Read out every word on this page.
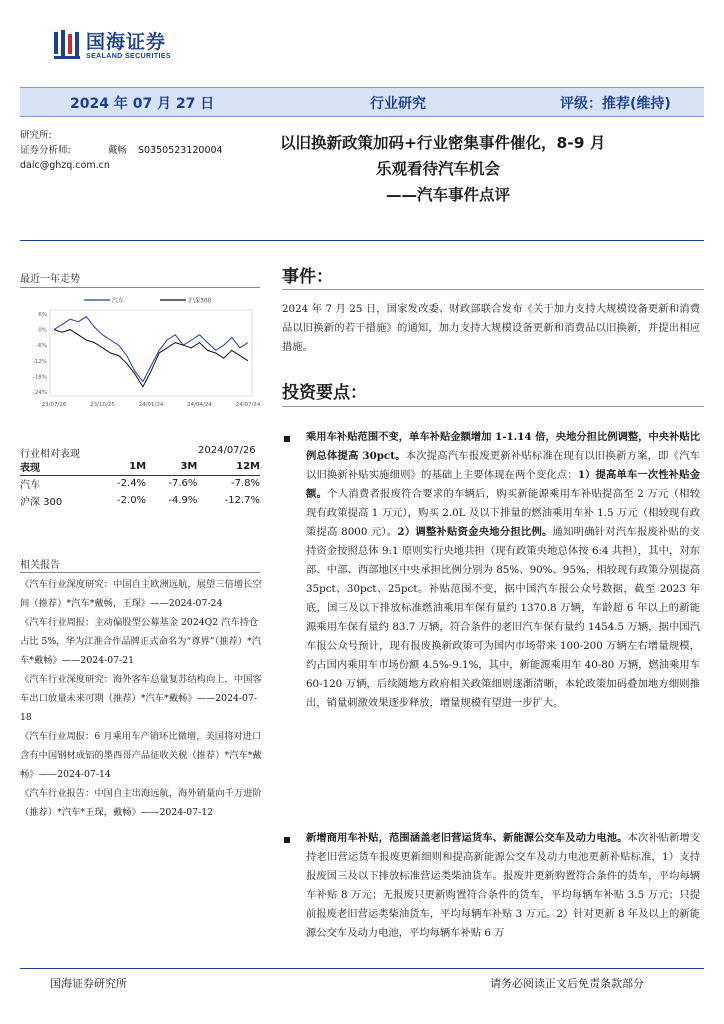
国海证券
SEALAND SECURITIES
2024 年 07 月 27 日	行业研究	评级：推荐(维持)
研究所:
证券分析师:	戴畅	S0350523120004
daic@ghzq.com.cn
以旧换新政策加码+行业密集事件催化，8-9 月
乐观看待汽车机会
——汽车事件点评
最近一年走势
汽车	沪深300
6%
0%
-6%
-12%
-18%
-24%
23/07/26	23/10/25	24/01/24	24/04/24	24/07/24
行业相对表现	2024/07/26
表现	1M	3M	12M
汽车	-2.4%	-7.6%	-7.8%
沪深 300	-2.0%	-4.9%	-12.7%
相关报告

《汽车行业深度研究：中国自主欧洲远航，展望三倍增长空间（推荐）*汽车*戴畅，王琛》——2024-07-24

《汽车行业周报：主动偏股型公募基金 2024Q2 汽车持仓占比 5%，华为江淮合作品牌正式命名为“尊界”（推荐）*汽车*戴畅》——2024-07-21

《汽车行业深度研究：海外客车总量复苏结构向上，中国客车出口放量未来可期（推荐）*汽车*戴畅》——2024-07-18

《汽车行业周报：6 月乘用车产销环比微增，美国将对进口含有中国钢材成铝的墨西哥产品征收关税（推荐）*汽车*戴畅》——2024-07-14

《汽车行业报告：中国自主出海远航，海外销量向千万进阶（推荐）*汽车*王琛，戴畅》——2024-07-12

事件：
2024 年 7 月 25 日，国家发改委、财政部联合发布《关于加力支持大规模设备更新和消费品以旧换新的若干措施》的通知，加力支持大规模设备更新和消费品以旧换新，并提出相应措施。
投资要点：
乘用车补贴范围不变，单车补贴金额增加 1-1.14 倍，央地分担比例调整，中央补贴比例总体提高 30pct。本次提高汽车报废更新补贴标准在现有以旧换新方案，即《汽车以旧换新补贴实施细则》的基础上主要体现在两个变化点：1）提高单车一次性补贴金额。个人消费者报废符合要求的车辆后，购买新能源乘用车补贴提高至 2 万元（相较现有政策提高 1 万元），购买 2.0L 及以下排量的燃油乘用车补 1.5 万元（相较现有政策提高 8000 元）。2）调整补贴资金央地分担比例。通知明确针对汽车报废补贴的支持资金按照总体 9:1 原则实行央地共担（现有政策央地总体按 6:4 共担），其中，对东部、中部、西部地区中央承担比例分别为 85%、90%、95%，相较现有政策分别提高 35pct、30pct、25pct。补贴范围不变，据中国汽车报公众号数据，截至 2023 年底，国三及以下排放标准燃油乘用车保有量约 1370.8 万辆，车龄超 6 年以上的新能源乘用车保有量约 83.7 万辆，符合条件的老旧汽车保有量约 1454.5 万辆，据中国汽车报公众号预计，现有报废换新政策可为国内市场带来 100-200 万辆左右增量规模，约占国内乘用车市场份额 4.5%-9.1%，其中，新能源乘用车 40-80 万辆，燃油乘用车 60-120 万辆，后续随地方政府相关政策细则逐渐清晰，本轮政策加码叠加地方细则推出，销量刺激效果逐步释放，增量规模有望进一步扩大。
新增商用车补贴，范围涵盖老旧营运货车、新能源公交车及动力电池。本次补贴新增支持老旧营运货车报废更新细则和提高新能源公交车及动力电池更新补贴标准，1）支持报废国三及以下排放标准营运类柴油货车。报废并更新购置符合条件的货车，平均每辆车补贴 8 万元；无报废只更新购置符合条件的货车，平均每辆车补贴 3.5 万元；只提前报废老旧营运类柴油货车，平均每辆车补贴 3 万元。2）针对更新 8 年及以上的新能源公交车及动力电池，平均每辆车补贴 6 万
国海证券研究所	请务必阅读正文后免责条款部分
